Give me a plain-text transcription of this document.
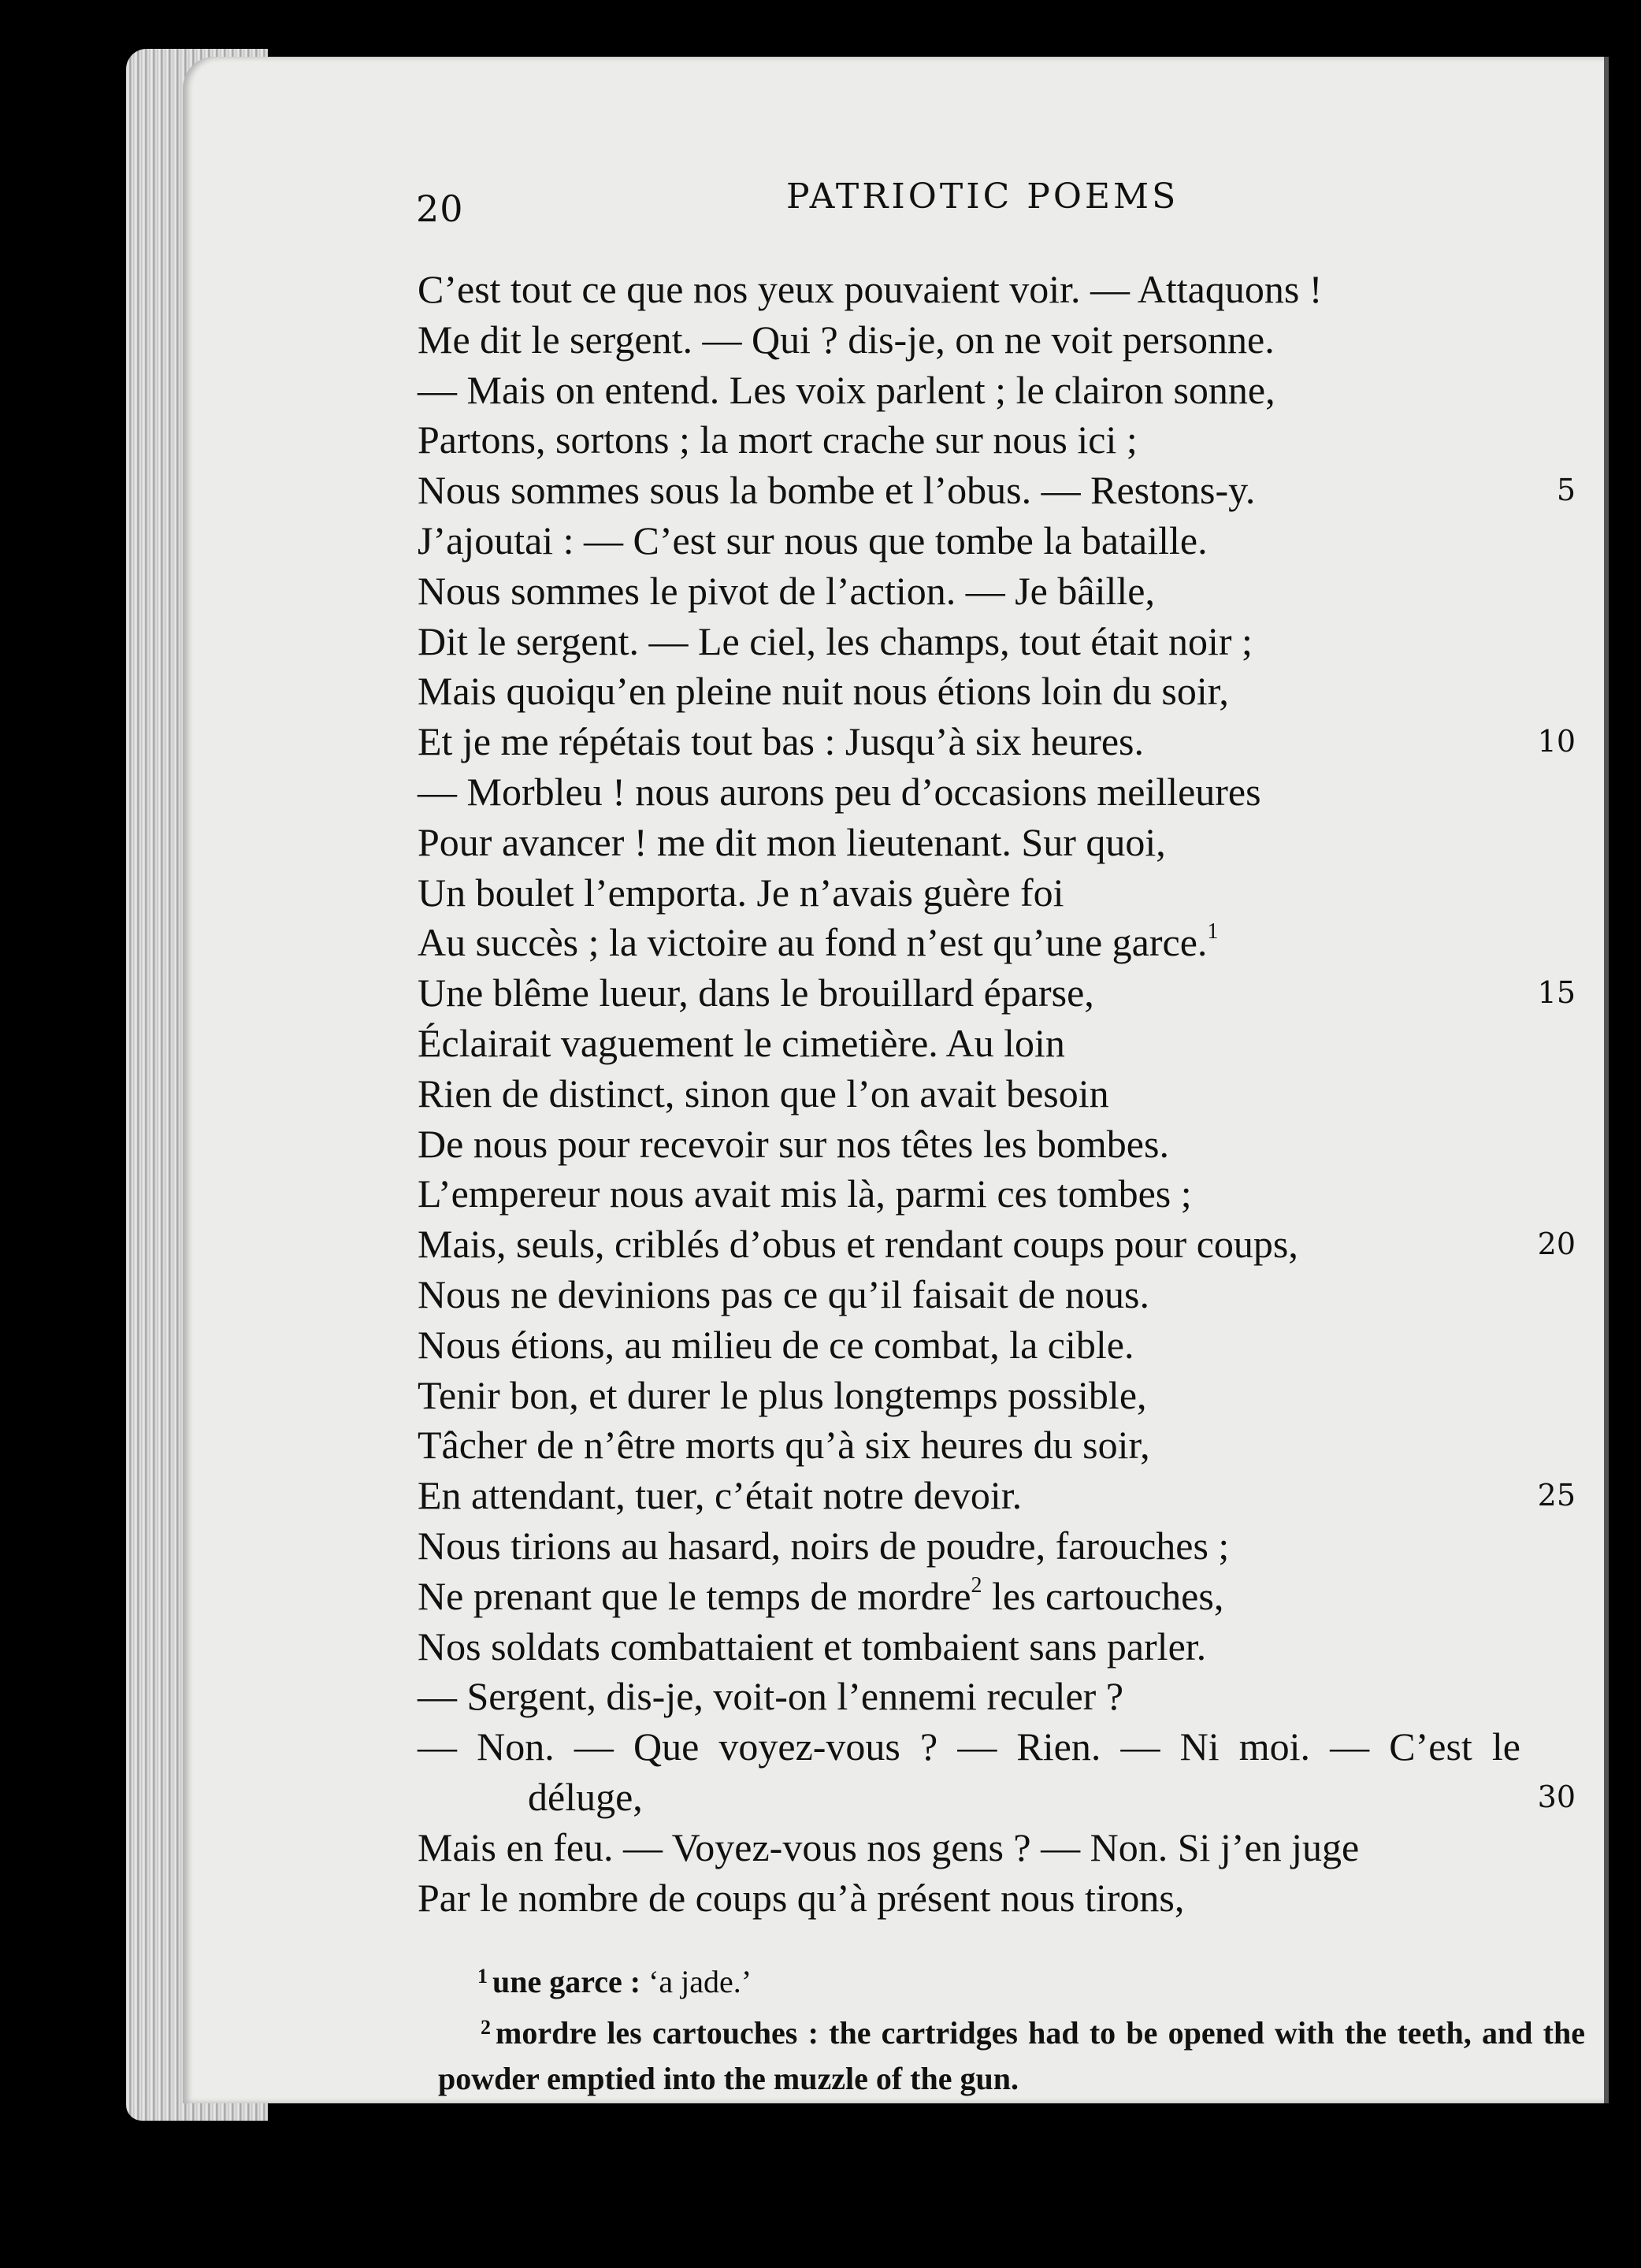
20	PATRIOTIC POEMS
C’est tout ce que nos yeux pouvaient voir. — Attaquons !
Me dit le sergent. — Qui ? dis-je, on ne voit personne.
— Mais on entend. Les voix parlent ; le clairon sonne,
Partons, sortons ; la mort crache sur nous ici ;
Nous sommes sous la bombe et l’obus. — Restons-y.	5
J’ajoutai : — C’est sur nous que tombe la bataille.
Nous sommes le pivot de l’action. — Je bâille,
Dit le sergent. — Le ciel, les champs, tout était noir ;
Mais quoiqu’en pleine nuit nous étions loin du soir,
Et je me répétais tout bas : Jusqu’à six heures.	10
— Morbleu ! nous aurons peu d’occasions meilleures
Pour avancer ! me dit mon lieutenant. Sur quoi,
Un boulet l’emporta. Je n’avais guère foi
Au succès ; la victoire au fond n’est qu’une garce.$^1$
Une blême lueur, dans le brouillard éparse,	15
Éclairait vaguement le cimetière. Au loin
Rien de distinct, sinon que l’on avait besoin
De nous pour recevoir sur nos têtes les bombes.
L’empereur nous avait mis là, parmi ces tombes ;
Mais, seuls, criblés d’obus et rendant coups pour coups,	20
Nous ne devinions pas ce qu’il faisait de nous.
Nous étions, au milieu de ce combat, la cible.
Tenir bon, et durer le plus longtemps possible,
Tâcher de n’être morts qu’à six heures du soir,
En attendant, tuer, c’était notre devoir.	25
Nous tirions au hasard, noirs de poudre, farouches ;
Ne prenant que le temps de mordre$^2$ les cartouches,
Nos soldats combattaient et tombaient sans parler.
— Sergent, dis-je, voit-on l’ennemi reculer ?
— Non. — Que voyez-vous ? — Rien. — Ni moi. — C’est le
déluge,	30
Mais en feu. — Voyez-vous nos gens ? — Non. Si j’en juge
Par le nombre de coups qu’à présent nous tirons,
$^1$ une garce : ‘a jade.’
$^2$ mordre les cartouches : the cartridges had to be opened with the teeth, and the powder emptied into the muzzle of the gun.
